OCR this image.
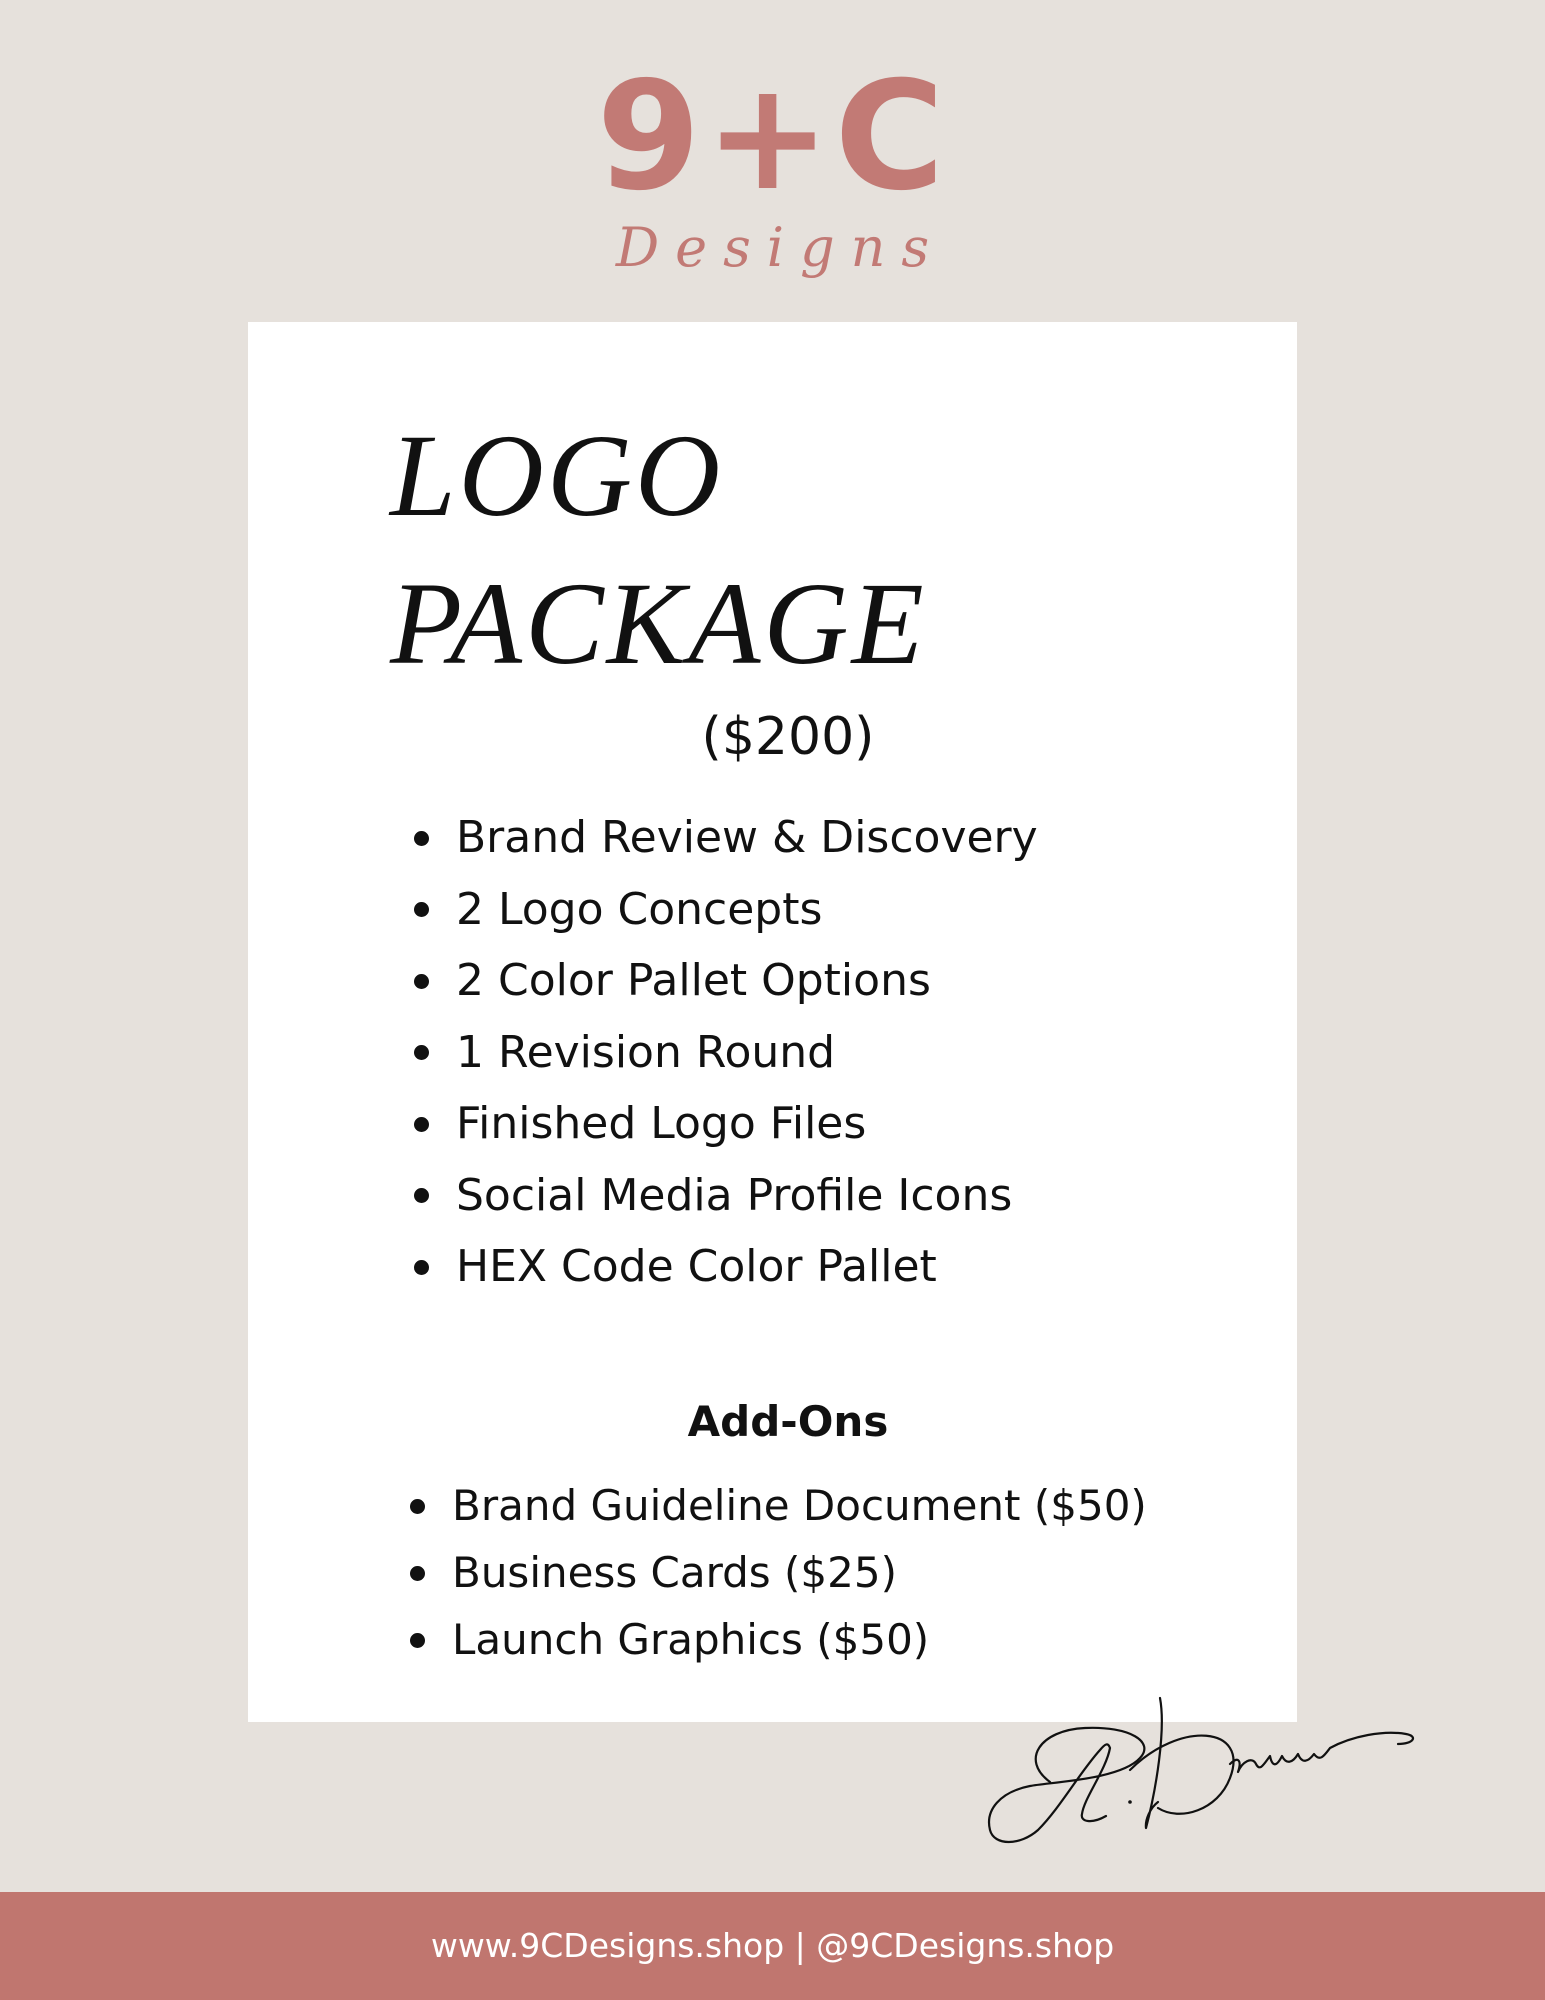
9+C
Designs
LOGO
PACKAGE
($200)
Brand Review & Discovery
2 Logo Concepts
2 Color Pallet Options
1 Revision Round
Finished Logo Files
Social Media Profile Icons
HEX Code Color Pallet
Add-Ons
Brand Guideline Document ($50)
Business Cards ($25)
Launch Graphics ($50)
www.9CDesigns.shop | @9CDesigns.shop
